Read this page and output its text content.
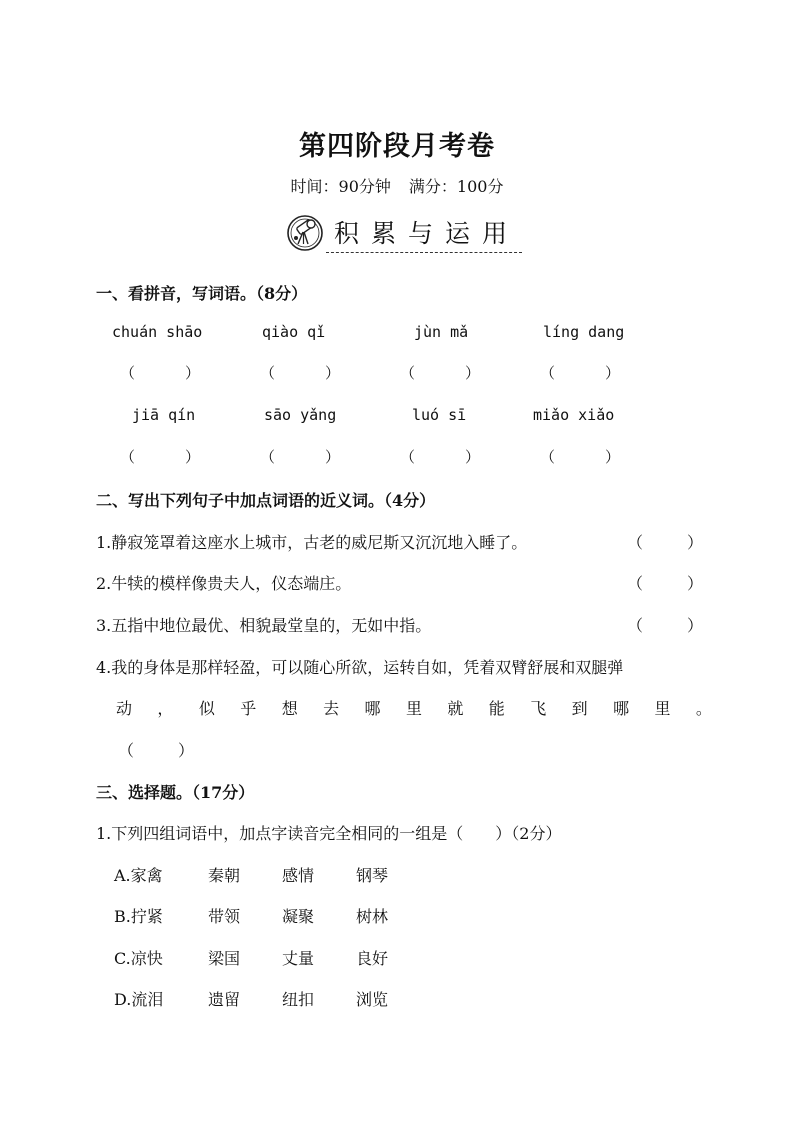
第四阶段月考卷
时间：90分钟 满分：100分
积累与运用
一、看拼音，写词语。（8分）
chuán shāo	qiào qǐ	jùn mǎ	líng dang
（	）	（	）	（	）	（	）
jiā qín	sāo yǎng	luó sī	miǎo xiǎo
（	）	（	）	（	）	（	）
二、写出下列句子中加点词语的近义词。（4分）
1.静寂笼罩着这座水上城市，古老的威尼斯又沉沉地入睡了。	（	）
2.牛犊的模样像贵夫人，仪态端庄。	（	）
3.五指中地位最优、相貌最堂皇的，无如中指。	（	）
4.我的身体是那样轻盈，可以随心所欲，运转自如，凭着双臂舒展和双腿弹
动 ， 似 乎 想 去 哪 里 就 能 飞 到 哪 里 。
（	）
三、选择题。（17分）
1.下列四组词语中，加点字读音完全相同的一组是（　　）（2分）
A.家禽	秦朝	感情	钢琴
B.拧紧	带领	凝聚	树林
C.凉快	梁国	丈量	良好
D.流泪	遗留	纽扣	浏览
